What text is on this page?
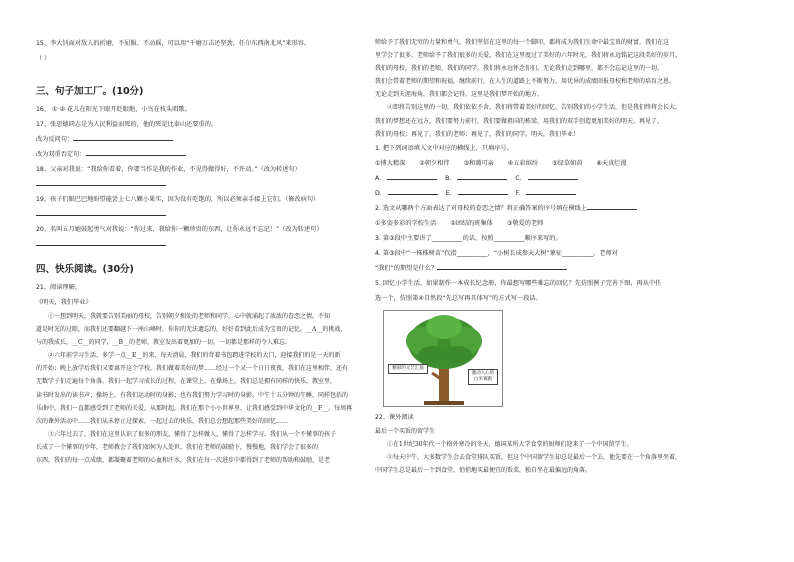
15、李大钊面对敌人的折磨，不屈服、不动摇，可以用“千磨万击还坚劲，任尔东西南北风”来形容。
（ ）
三、句子加工厂。(10分)
16、 ① ② 花儿在阳光下眼开眨眼地，小鸟在枝头唱歌。
17、张思德同志是为人民利益而死的，他的死是比泰山还要重的。
改为反问句：
改为双重否定句：
18、父亲对我说：“我给你看着，你要当作是我的作业，不见得做得好，不许动。”（改为转述句）
19、孩子们眼巴巴地盼望能尝上七八颗小果实，因为没有吃饱的，所以必须亲手接上它们。（修改病句）
20、名叫五月她鼓起勇气对我说：“你过来，我给你一颗珍贵的东西，让你永远不忘记！”（改为转述句）
四、快乐阅读。(30分)
21、阅读理解。
《明天，我们毕业》
①一想到明天，我就要告别美丽的母校，告别朝夕相处的老师和同学，心中就涌起了浓浓的眷恋之情。不知
道是时光的过隙，而我们还要翻越下一座山峰时，你你的无法遗忘的，好好看到此后成为宝贵的记忆。__A__的挑战，
与的我成长，__C__的同学，__B__的老师，教室发出着更加的一切，一切都是那样的令人难忘。
②六年前学习生活，多学一点__E__的来，每天清晨，我们的背着书包跨进学校的大门，迎接我们的是一天的新
的开始；晚上放学后我们又要离开这个学校，我们做着美好的梦……经过一个又一个日日夜夜，我们在这里相伴，还有
无数学子们走遍每个角落。我们一起学习成长的过程，在课堂上，在操场上，我们总是拥有同样的快乐。教室里，
读书时发出的读书声；操场上，有我们运动时的身影；也有我们努力学习时的身影。中午十五分钟的午睡，同样包括的
乐曲中，我们一直都感受到了老师的关爱，从那时起，我们在那个小小世界里，让我们感受到中华文化的__F__。每周再
次的课外活动中……我们从未停止过探索，一起过去的快乐，我们总会想起那些美好的回忆……
③六年过去了，我们在这里认识了很多的朋友，懂得了怎样做人，懂得了怎样学习，我们从一个不懂事的孩子
长成了一个懂事的少年，老师教会了我们如何为人处世，我们在老师的鼓励下，慢慢地，我们学会了很多的
东西，我们的每一点成绩，都凝聚着老师的心血和汗水，我们在每一次进步中都得到了老师的帮助和鼓励，是老
师给予了我们无穷的力量和勇气，我们坚信在这里的每一个脚印，都将成为我们生命中最宝贵的财富，我们在这
里学会了很多，老师给予了我们很多的关爱，我们在这里度过了美好的六年时光，我们将永远铭记这段美好的岁月，
我们的母校，我们的老师，我们的同学，我们将永远怀念你们。无论我们走到哪里，都不会忘记这里的一切，
我们会带着老师的期望和祝福，继续前行，在人生的道路上不断努力，用优异的成绩回报母校和老师的培育之恩。
无论走到天涯海角，我们都会记得，这里是我们梦开始的地方。
④即将告别这里的一切，我们依依不舍。我们将带着美好的回忆，告别我们的小学生活，但是我们终将会长大，
我们的梦想还在远方，我们要努力前行，我们要做祖国的栋梁，用我们的双手创造更加美好的明天。再见了，
我们的母校；再见了，我们的老师；再见了，我们的同学。明天，我们毕业！
1. 把下列词语填入文中对应的横线上，只填序号。
①博大精深 ②朝夕相伴 ③和蔼可亲 ④五彩缤纷 ⑤绿草如茵 ⑥天真烂漫
A.	B.	C.
D.	E.	F.
2. 选文从哪两个方面表达了对母校的眷恋之情？将正确答案的序号填在横线上
①多姿多彩的学校生活 ②团结的班集体 ③敬爱的老师
3. 第③段中主要讲了__________的话，按照__________顺序来写的。
4. 第③段中“一株株树苗”代指__________，“小树长成参天大树”象征__________，老师对
“我们”的期望是什么？
5. 回忆小学生活，如果制作一本成长纪念册，你最想写哪些难忘的回忆？先仿照例子完善下图，再从中任
选一个，仿照第④自然段“先总写再具体写”的方式写一段话。
精彩的文艺汇演
激动人心的白米赛跑
22、课外阅读
最后一个买饭的留学生
①在1世纪30年代一个格外寒冷的冬天，德国某所大学食堂的厨师们迎来了一个中国留学生。
②每天中午，大多数学生会去食堂排队买饭，但这个中国留学生却总是最后一个去，他先要在一个角落里坐着，
中国学生总是最后一个到食堂，悄悄地买最便宜的饭菜，独自坐在最偏远的角落。
